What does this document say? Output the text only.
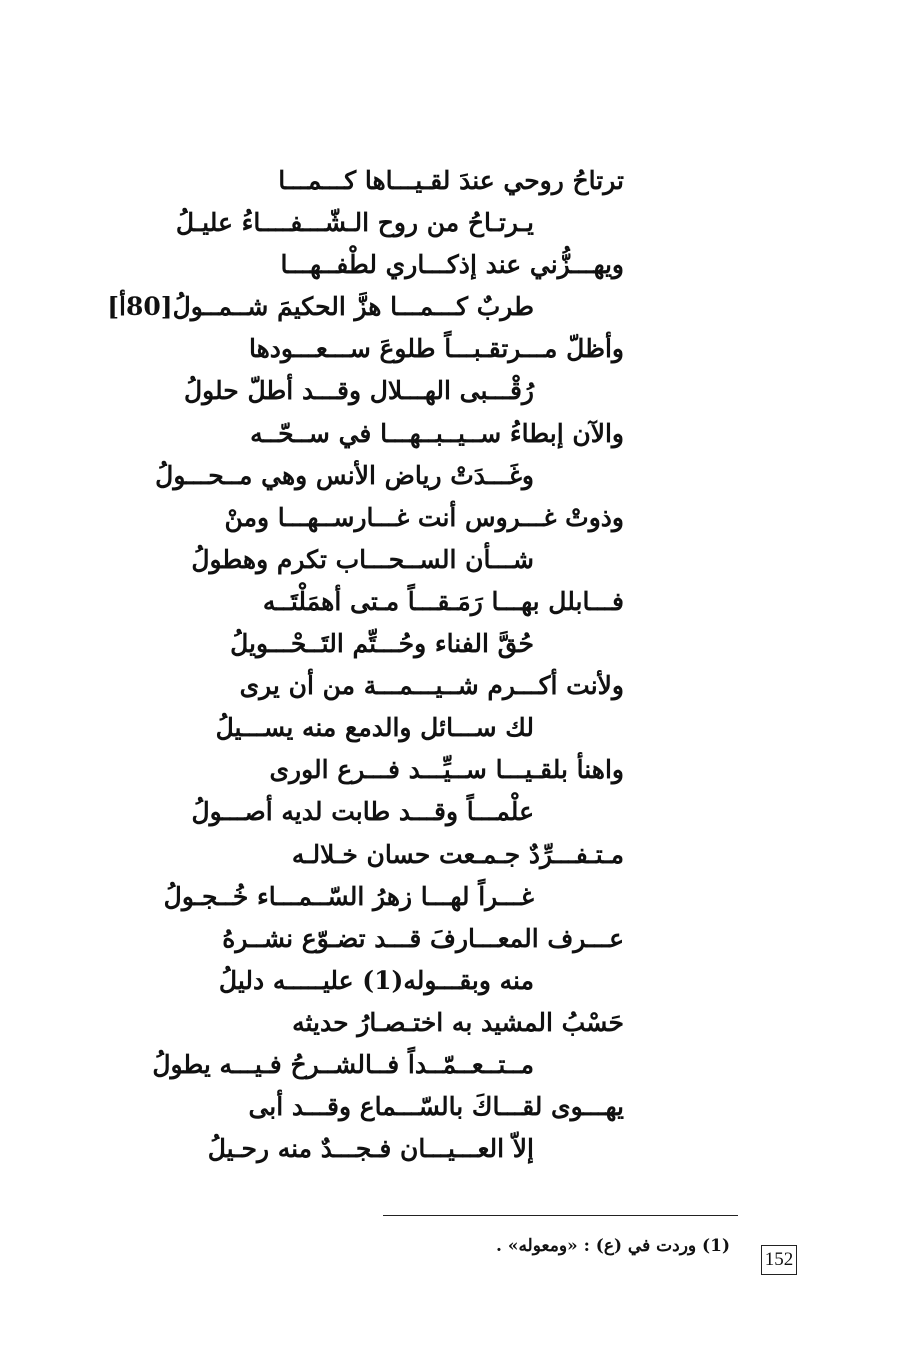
ترتاحُ روحي عندَ لقـيـــاها كـــمـــا
يـرتـاحُ من روح الـشّـــفــــاءُ عليـلُ
ويهـــزُّني عند إذكـــاري لطْفــهـــا
طربٌ كـــمـــا هزَّ الحكيمَ شــمــولُ[80أ]
وأظلّ مـــرتقـبـــاً طلوعَ ســـعـــودها
رُقْـــبى الهـــلال وقـــد أطلّ حلولُ
والآن إبطاءُ ســيــبــهـــا في ســحّــه
وغَـــدَتْ رياض الأنس وهي مــحـــولُ
وذوتْ غـــروس أنت غـــارســهـــا ومنْ
شـــأن الســحـــاب تكرم وهطولُ
فـــابلل بهـــا رَمَـقـــاً مـتى أهمَلْتَــه
حُقَّ الفناء وحُـــتِّم التَــحْـــويلُ
ولأنت أكـــرم شــيـــمـــة من أن يرى
لك ســـائل والدمع منه يســـيلُ
واهنأ بلقـيـــا ســيِّـــد فـــرع الورى
علْمـــاً وقـــد طابت لديه أصـــولُ
مـتـفـــرِّدٌ جـمـعت حسان خـلالـه
غـــراً لهـــا زهرُ السّــمـــاء خُــجـولُ
عـــرف المعـــارفَ قـــد تضـوّع نشــرهُ
منه وبقـــوله(1) عليـــــه دليلُ
حَسْبُ المشيد به اختـصـارُ حديثه
مــتــعــمّــداً فــالشــرحُ فـيـــه يطولُ
يهـــوى لقـــاكَ بالسّـــماع وقـــد أبى
إلاّ العـــيـــان فـجـــدٌ منه رحـيلُ
(1) وردت في (ع) : «ومعوله» .
152
